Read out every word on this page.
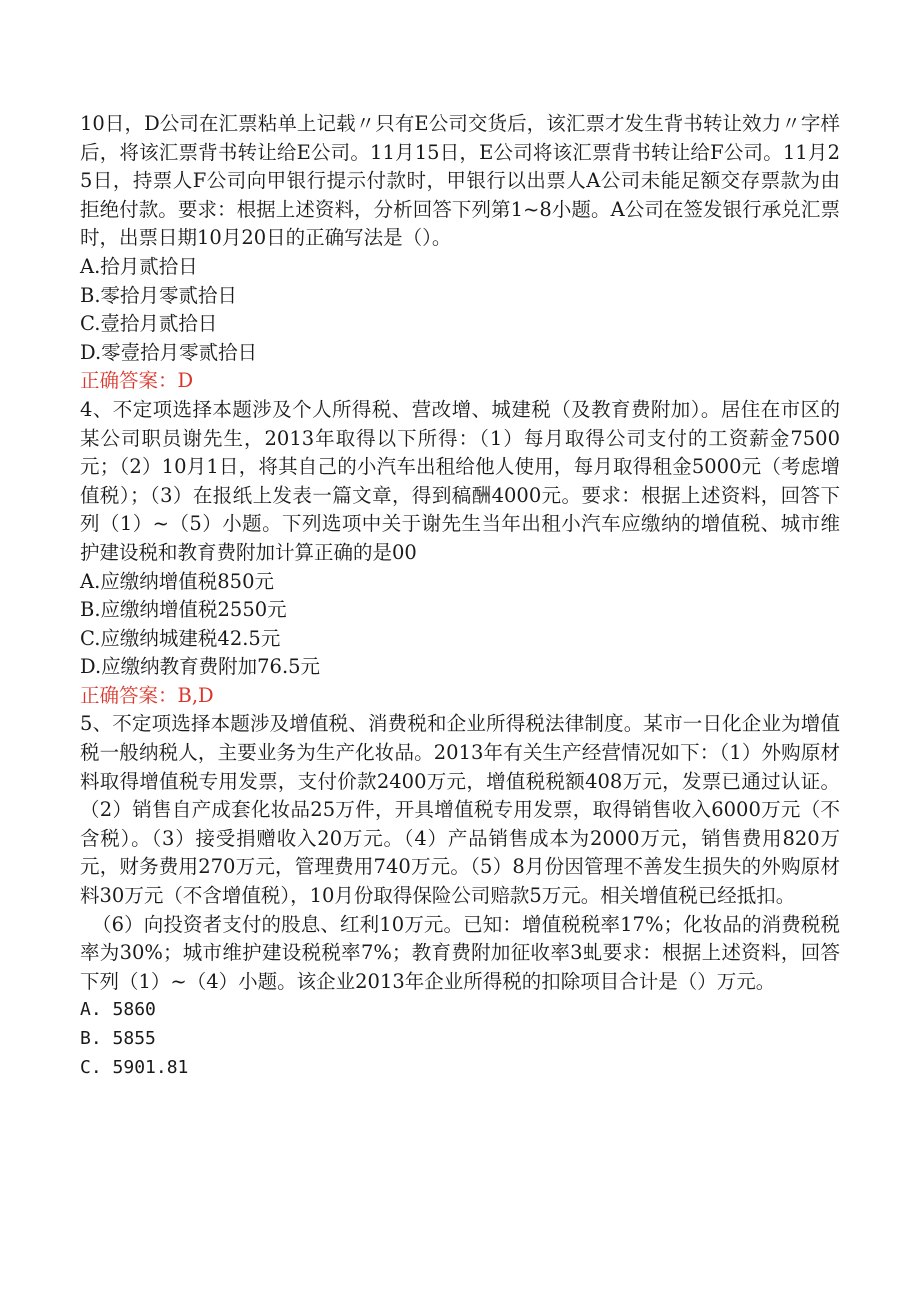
10日，D公司在汇票粘单上记载〃只有E公司交货后，该汇票才发生背书转让效力〃字样后，将该汇票背书转让给E公司。11月15日，E公司将该汇票背书转让给F公司。11月25日，持票人F公司向甲银行提示付款时，甲银行以出票人A公司未能足额交存票款为由拒绝付款。要求：根据上述资料，分析回答下列第1~8小题。A公司在签发银行承兑汇票时，出票日期10月20日的正确写法是（）。

A.拾月贰拾日

B.零拾月零贰拾日

C.壹拾月贰拾日

D.零壹拾月零贰拾日

正确答案：D

4、不定项选择本题涉及个人所得税、营改增、城建税（及教育费附加）。居住在市区的某公司职员谢先生，2013年取得以下所得：（1）每月取得公司支付的工资薪金7500元；（2）10月1日，将其自己的小汽车出租给他人使用，每月取得租金5000元（考虑增值税）；（3）在报纸上发表一篇文章，得到稿酬4000元。要求：根据上述资料，回答下列（1）~（5）小题。下列选项中关于谢先生当年出租小汽车应缴纳的增值税、城市维护建设税和教育费附加计算正确的是00

A.应缴纳增值税850元

B.应缴纳增值税2550元

C.应缴纳城建税42.5元

D.应缴纳教育费附加76.5元

正确答案：B,D

5、不定项选择本题涉及增值税、消费税和企业所得税法律制度。某市一日化企业为增值税一般纳税人，主要业务为生产化妆品。2013年有关生产经营情况如下：（1）外购原材料取得增值税专用发票，支付价款2400万元，增值税税额408万元，发票已通过认证。（2）销售自产成套化妆品25万件，开具增值税专用发票，取得销售收入6000万元（不含税）。（3）接受捐赠收入20万元。（4）产品销售成本为2000万元，销售费用820万元，财务费用270万元，管理费用740万元。（5）8月份因管理不善发生损失的外购原材料30万元（不含增值税），10月份取得保险公司赔款5万元。相关增值税已经抵扣。

（6）向投资者支付的股息、红利10万元。已知：增值税税率17%；化妆品的消费税税率为30%；城市维护建设税税率7%；教育费附加征收率3虬要求：根据上述资料，回答下列（1）~（4）小题。该企业2013年企业所得税的扣除项目合计是（）万元。

A. 5860

B. 5855

C. 5901.81
